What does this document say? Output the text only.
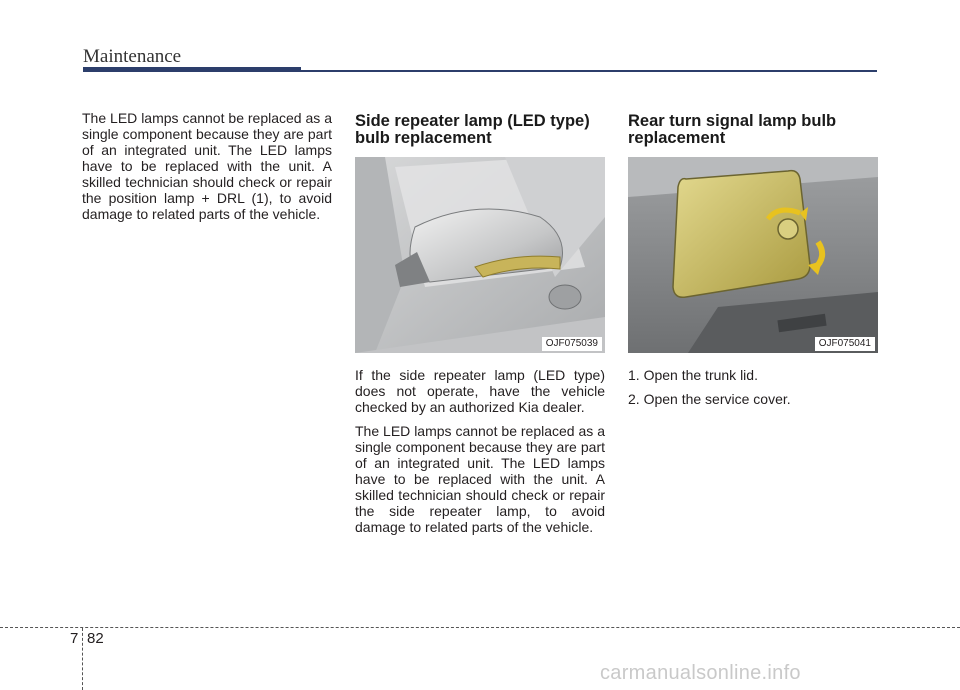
Maintenance

The LED lamps cannot be replaced as a single component because they are part of an integrated unit. The LED lamps have to be replaced with the unit. A skilled technician should check or repair the position lamp + DRL (1), to avoid damage to related parts of the vehicle.

Side repeater lamp (LED type) bulb replacement
OJF075039

If the side repeater lamp (LED type) does not operate, have the vehicle checked by an authorized Kia dealer.

The LED lamps cannot be replaced as a single component because they are part of an integrated unit. The LED lamps have to be replaced with the unit. A skilled technician should check or repair the side repeater lamp, to avoid damage to related parts of the vehicle.

Rear turn signal lamp bulb replacement
OJF075041

1. Open the trunk lid.

2. Open the service cover.

7 82
carmanualsonline.info
